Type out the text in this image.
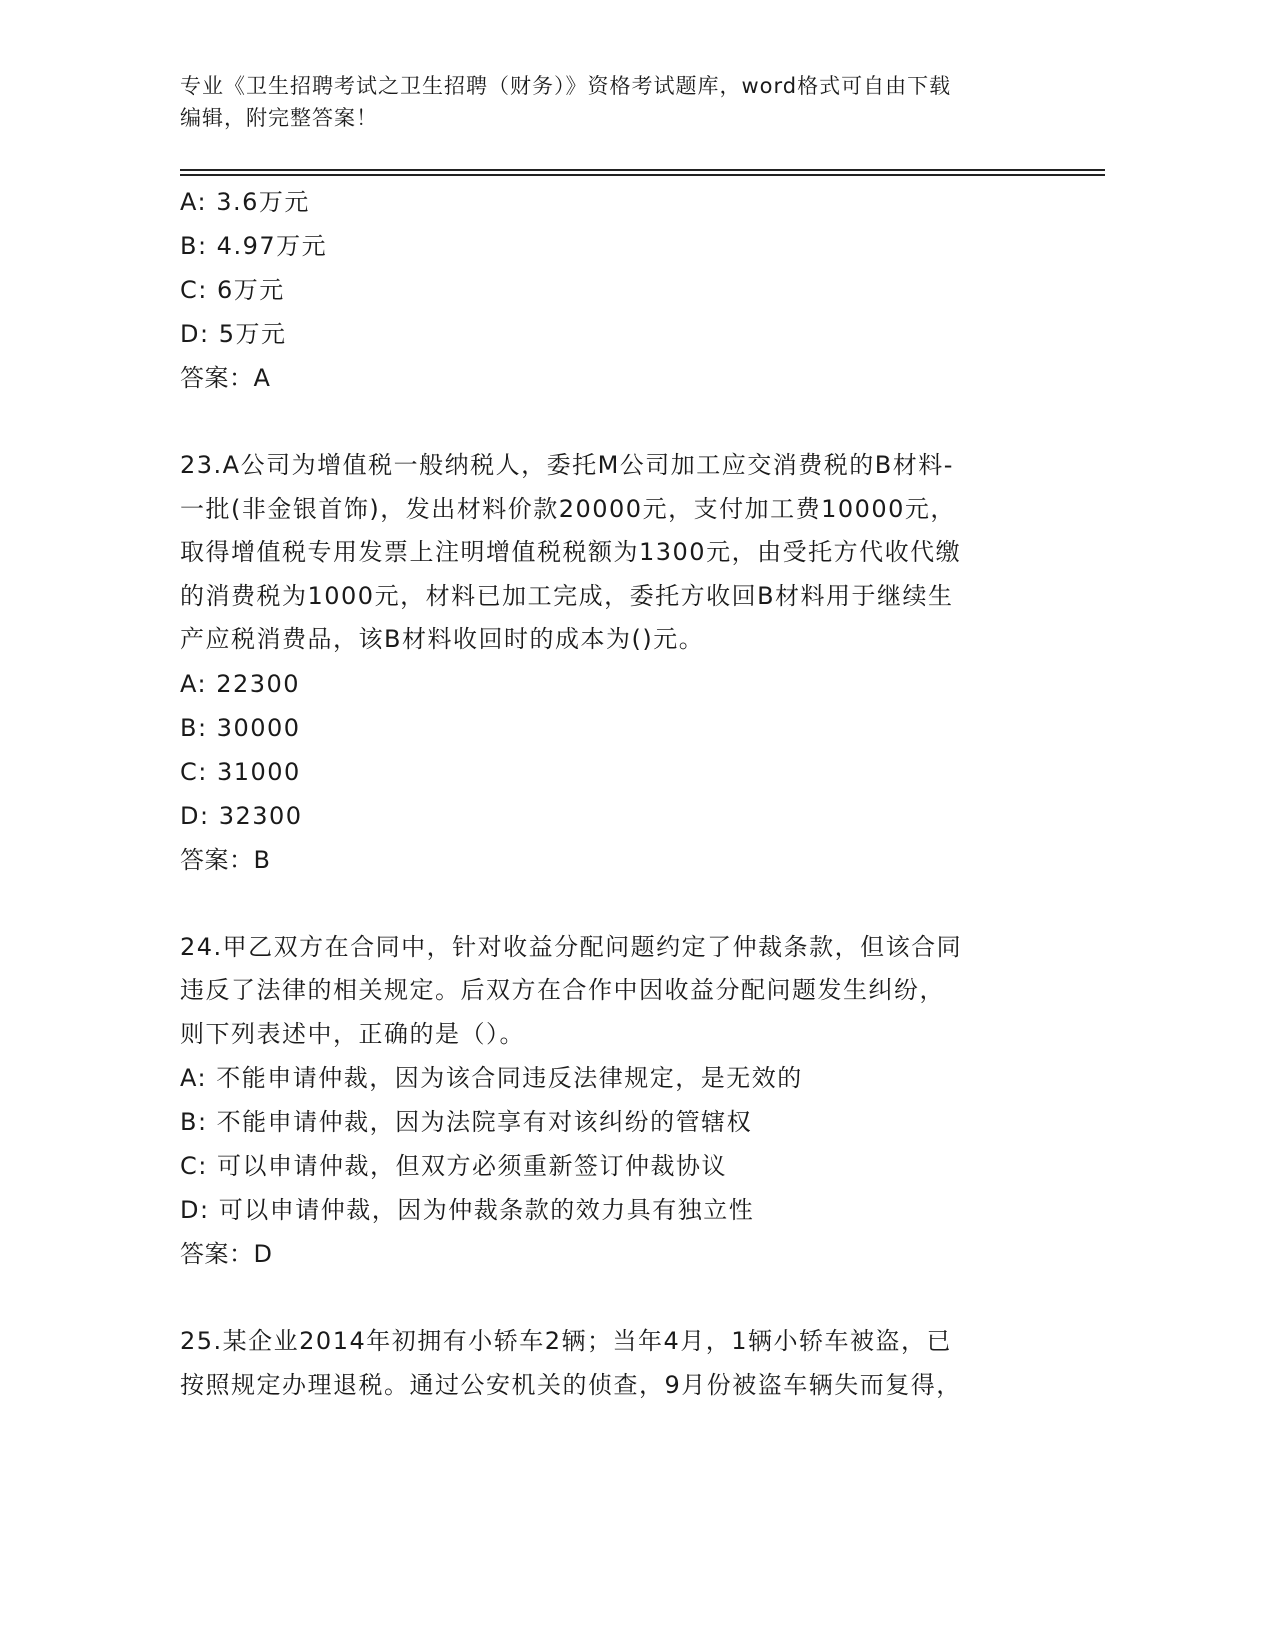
专业《卫生招聘考试之卫生招聘（财务）》资格考试题库，word格式可自由下载
编辑，附完整答案！
A: 3.6万元
B: 4.97万元
C: 6万元
D: 5万元
答案：A
23.A公司为增值税一般纳税人，委托M公司加工应交消费税的B材料-
一批(非金银首饰)，发出材料价款20000元，支付加工费10000元，
取得增值税专用发票上注明增值税税额为1300元，由受托方代收代缴
的消费税为1000元，材料已加工完成，委托方收回B材料用于继续生
产应税消费品，该B材料收回时的成本为()元。
A: 22300
B: 30000
C: 31000
D: 32300
答案：B
24.甲乙双方在合同中，针对收益分配问题约定了仲裁条款，但该合同
违反了法律的相关规定。后双方在合作中因收益分配问题发生纠纷，
则下列表述中，正确的是（）。
A: 不能申请仲裁，因为该合同违反法律规定，是无效的
B: 不能申请仲裁，因为法院享有对该纠纷的管辖权
C: 可以申请仲裁，但双方必须重新签订仲裁协议
D: 可以申请仲裁，因为仲裁条款的效力具有独立性
答案：D
25.某企业2014年初拥有小轿车2辆；当年4月，1辆小轿车被盗，已
按照规定办理退税。通过公安机关的侦查，9月份被盗车辆失而复得，
